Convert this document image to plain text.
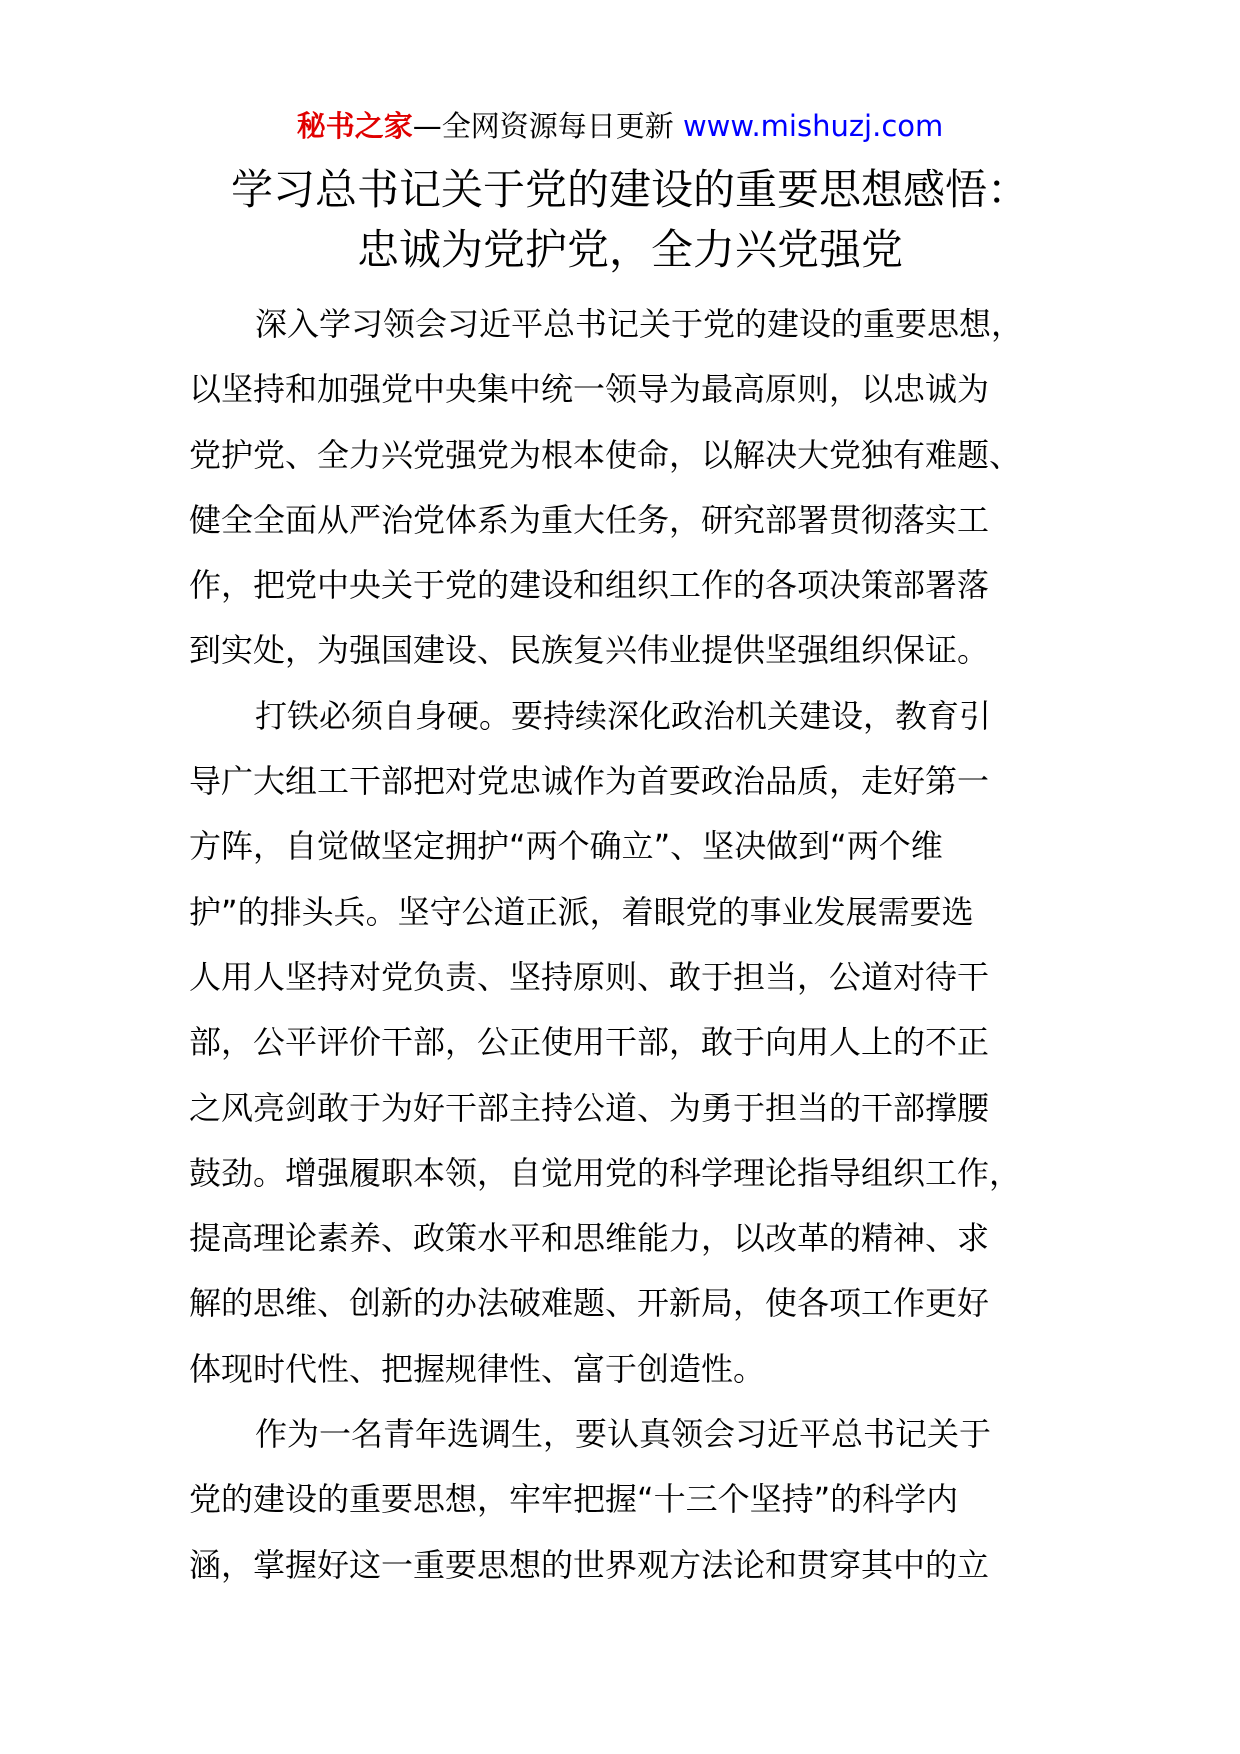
秘书之家—全网资源每日更新 www.mishuzj.com
学习总书记关于党的建设的重要思想感悟：
忠诚为党护党，全力兴党强党

深入学习领会习近平总书记关于党的建设的重要思想，
以坚持和加强党中央集中统一领导为最高原则，以忠诚为
党护党、全力兴党强党为根本使命，以解决大党独有难题、
健全全面从严治党体系为重大任务，研究部署贯彻落实工
作，把党中央关于党的建设和组织工作的各项决策部署落
到实处，为强国建设、民族复兴伟业提供坚强组织保证。

打铁必须自身硬。要持续深化政治机关建设，教育引
导广大组工干部把对党忠诚作为首要政治品质，走好第一
方阵，自觉做坚定拥护“两个确立”、坚决做到“两个维
护”的排头兵。坚守公道正派，着眼党的事业发展需要选
人用人坚持对党负责、坚持原则、敢于担当，公道对待干
部，公平评价干部，公正使用干部，敢于向用人上的不正
之风亮剑敢于为好干部主持公道、为勇于担当的干部撑腰
鼓劲。增强履职本领，自觉用党的科学理论指导组织工作，
提高理论素养、政策水平和思维能力，以改革的精神、求
解的思维、创新的办法破难题、开新局，使各项工作更好
体现时代性、把握规律性、富于创造性。

作为一名青年选调生，要认真领会习近平总书记关于
党的建设的重要思想，牢牢把握“十三个坚持”的科学内
涵，掌握好这一重要思想的世界观方法论和贯穿其中的立
